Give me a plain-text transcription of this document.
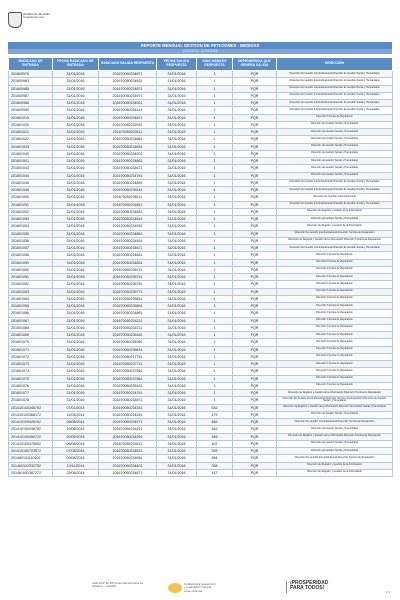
Alcaldía de Medellín
Cuenta con vos
REPORTE MENSUAL GESTION DE PETICIONES - MEDIDAS
01/01/2016 - 31/01/2016
RADICADO DE ENTRADA	FECHA RADICADO DE ENTRADA	RADICADO SALIDA RESPUESTA	FECHA SALIDA RESPUESTA	DÍAS HÁBILES RESPUESTA	DEPENDENCIA QUE GENERA SALIDA	DIRECCIÓN
201600979	31/01/2016	201670050234671	31/01/2016	1	PQR	Dirección De Gestión Interinstitucional Dirección de Gestión Social y Humanitaria
201600983	31/01/2016	201670050234631	31/01/2016	1	PQR	Dirección De Gestión Interinstitucional Dirección de Gestión Social y Humanitaria
201600985	31/01/2016	201670050234871	31/01/2016	1	PQR	Dirección De Gestión Interinstitucional Dirección de Gestión Social y Humanitaria
201600987	31/01/2016	201670050234971	31/01/2016	1	PQR	Dirección De Gestión Interinstitucional Dirección de Gestión Social y Humanitaria
201600988	31/01/2016	201670050234921	31/01/2016	1	PQR	Dirección De Gestión Interinstitucional Dirección de Gestión Social y Humanitaria
201600990	31/01/2016	201670050234141	31/01/2016	1	PQR	Dirección De Gestión Interinstitucional Dirección de Gestión Social y Humanitaria
201601019	31/01/2016	201670050234871	31/01/2016	1	PQR	Dirección Técnica de Reparación
201601020	31/01/2016	201670050232931	31/01/2016	1	PQR	Dirección de Gestión Social y Humanitaria
201601021	31/01/2016	201670050233111	31/01/2016	1	PQR	Dirección de Gestión Social y Humanitaria
201601022	31/01/2016	201670050234661	31/01/2016	1	PQR	Dirección de Gestión Social y Humanitaria
201601023	31/01/2016	201670050234651	31/01/2016	1	PQR	Dirección de Gestión Social y Humanitaria
201601040	31/01/2016	201670050234201	31/01/2016	1	PQR	Dirección de Gestión Social y Humanitaria
201601041	31/01/2016	201670050234661	31/01/2016	1	PQR	Dirección de Gestión Social y Humanitaria
201601043	31/01/2016	201670050234671	31/01/2016	1	PQR	Dirección de Gestión Social y Humanitaria
201601044	31/01/2016	201670050234791	31/01/2016	1	PQR	Dirección de Gestión Social y Humanitaria
201601045	31/01/2016	201670050234891	31/01/2016	1	PQR	Dirección De Gestión Interinstitucional Dirección de Gestión Social y Humanitaria
201601048	31/01/2016	201670050235241	31/01/2016	1	PQR	Dirección De Gestión Interinstitucional Dirección de Gestión Social y Humanitaria
201601050	31/01/2016	201670050235111	31/01/2016	1	PQR	Dirección De Gestión Interinstitucional
201601051	31/01/2016	201670050234811	31/01/2016	1	PQR	Dirección De Gestión Interinstitucional Dirección de Gestión Social y Humanitaria
201601052	31/01/2016	201670050234841	31/01/2016	1	PQR	Dirección de Registro y Gestión de la Información
201601053	31/01/2016	201670050234641	31/01/2016	1	PQR	Dirección de Gestión Social y Humanitaria
201601054	31/01/2016	201670050234931	31/01/2016	1	PQR	Dirección de Registro y Gestión de la Información
201601055	31/01/2016	201670050234861	31/01/2016	1	PQR	Dirección De Gestión Interinstitucional Dirección Técnica de Reparación
201601056	31/01/2016	201670050234451	31/01/2016	1	PQR	Dirección de Registro y Gestión de la Información Dirección Técnica de Reparación
201601057	31/01/2016	201670050234671	31/01/2016	1	PQR	Dirección De Gestión Interinstitucional Dirección de Gestión Social y Humanitaria
201601058	31/01/2016	201670050234841	31/01/2016	1	PQR	Dirección Técnica de Reparación
201601059	31/01/2016	201670050234831	31/01/2016	1	PQR	Dirección Técnica de Reparación
201601060	31/01/2016	201670050235711	31/01/2016	1	PQR	Dirección Técnica de Reparación
201601061	31/01/2016	201670050235741	31/01/2016	1	PQR	Dirección Técnica de Reparación
201601062	31/01/2016	201670050235751	31/01/2016	1	PQR	Dirección Técnica de Reparación
201601063	31/01/2016	201670050235771	31/01/2016	1	PQR	Dirección Técnica de Reparación
201601064	31/01/2016	201670050235811	31/01/2016	1	PQR	Dirección Técnica de Reparación
201601065	31/01/2016	201670050235891	31/01/2016	1	PQR	Dirección Técnica de Reparación
201601066	31/01/2016	201670050234861	31/01/2016	1	PQR	Dirección Técnica de Reparación
201601067	31/01/2016	201670050234211	31/01/2016	1	PQR	Dirección Técnica de Reparación
201601068	31/01/2016	201670050234711	31/01/2016	1	PQR	Dirección Técnica de Reparación
201601069	31/01/2016	201670050235161	31/01/2016	1	PQR	Dirección Técnica de Reparación
201601070	31/01/2016	201670050234961	31/01/2016	1	PQR	Dirección Técnica de Reparación
201601071	31/01/2016	201670050235631	31/01/2016	1	PQR	Dirección Técnica de Reparación
201601072	31/01/2016	201670050237751	31/01/2016	1	PQR	Dirección Técnica de Reparación
201601073	31/01/2016	201670050237711	31/01/2016	1	PQR	Dirección Técnica de Reparación
201601074	31/01/2016	201670050237561	31/01/2016	1	PQR	Dirección Técnica de Reparación
201601075	31/01/2016	201670050237661	31/01/2016	1	PQR	Dirección Técnica de Reparación
201601076	31/01/2016	201670050235181	31/01/2016	1	PQR	Dirección Técnica de Reparación
201601077	31/01/2016	201670050234741	31/01/2016	1	PQR	Dirección de Registro y Gestión de la Información Dirección Técnica de Reparación
201601078	31/01/2016	201670050234871	31/01/2016	1	PQR	Dirección De Gestión Interinstitucional Dirección Técnica de Reparación Dirección de Gestión Social y Humanitaria
201410100348792	07/01/2014	201670050234341	31/01/2016	532	PQR	Dirección de Registro y Gestión de la Información Dirección de Gestión Social y Humanitaria
201410100368172	11/04/2014	201670050234241	31/01/2016	479	PQR	Dirección de Gestión Social y Humanitaria
201410100426192	06/05/2014	201670050234271	31/01/2016	465	PQR	Dirección De Gestión Interinstitucional Dirección Técnica de Reparación
201410100436782	10/05/2014	201670050234211	31/01/2016	463	PQR	Dirección de Gestión Social y Humanitaria
201410100450722	20/05/2014	201670050234261	31/01/2016	446	PQR	Dirección de Registro y Gestión de la Información Dirección Técnica de Reparación
201410100475502	06/08/2014	201670050234111	31/01/2016	402	PQR	Dirección de Gestión Social y Humanitaria
201410100723972	07/08/2014	201670050234631	31/01/2016	339	PQR	Dirección de Gestión Social y Humanitaria
201460101110102	09/08/2014	201670050234651	31/01/2016	384	PQR	Dirección De Gestión Interinstitucional Dirección Técnica de Reparación
201460102532752	10/11/2014	201670050234401	31/01/2016	338	PQR	Dirección de Registro y Gestión de la Información
201461051387272	23/06/2014	201670050234671	31/01/2016	447	PQR	Dirección de Registro y Gestión de la Información
Calle 44 N° 52-165 Centro Administrativo La Alpujarra — Medellín
Unidad para la atención
y reparación integral
a las víctimas
¡PROSPERIDAD
PARA TODOS!
1/1
